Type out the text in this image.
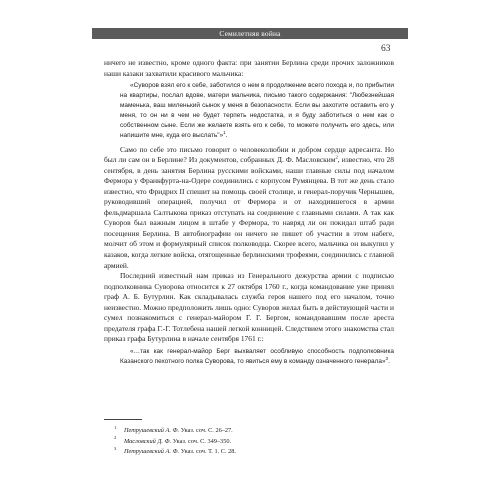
Семилетняя война
63

ничего не известно, кроме одного факта: при занятии Берлина среди прочих заложников наши казаки захватили красивого мальчика:

«Суворов взял его к себе, заботился о нем в продолжение всего похода и, по прибытии на квартиры, послал вдове, матери мальчика, письмо такого содержания: "Любезнейшая маменька, ваш миленький сынок у меня в безопасности. Если вы захотите оставить его у меня, то он ни в чем не будет терпеть недостатка, и я буду заботиться о нем как о собственном сыне. Если же желаете взять его к себе, то можете получить его здесь, или напишите мне, куда его выслать"»$^1$.

Само по себе это письмо говорит о человеколюбии и добром сердце адресанта. Но был ли сам он в Берлине? Из документов, собранных Д. Ф. Масловским$^2$, известно, что 28 сентября, в день занятия Берлина русскими войсками, наши главные силы под началом Фермора у Франкфурта-на-Одере соединились с корпусом Румянцева. В тот же день стало известно, что Фридрих II спешит на помощь своей столице, и генерал-поручик Чернышев, руководивший операцией, получил от Фермора и от находившегося в армии фельдмаршала Салтыкова приказ отступать на соединение с главными силами. А так как Суворов был важным лицом в штабе у Фермора, то навряд ли он покидал штаб ради посещения Берлина. В автобиографии он ничего не пишет об участии в этом набеге, молчит об этом и формулярный список полководца. Скорее всего, мальчика он выкупил у казаков, когда легкие войска, отягощенные берлинскими трофеями, соединились с главной армией.

Последний известный нам приказ из Генерального дежурства армии с подписью подполковника Суворова относится к 27 октября 1760 г., когда командование уже принял граф А. Б. Бутурлин. Как складывалась служба героя нашего под его началом, точно неизвестно. Можно предположить лишь одно: Суворов желал быть в действующей части и сумел познакомиться с генерал-майором Г. Г. Бергом, командовавшим после ареста предателя графа Г.-Г. Тотлебена нашей легкой конницей. Следствием этого знакомства стал приказ графа Бутурлина в начале сентября 1761 г.:

«…так как генерал-майор Берг выхваляет особливую способность подполковника Казанского пехотного полка Суворова, то явиться ему в команду означенного генерала»$^3$.

$^1$ Петрушевский А. Ф. Указ. соч. С. 26–27.

$^2$ Масловский Д. Ф. Указ. соч. С. 349–350.

$^3$ Петрушевский А. Ф. Указ. соч. Т. 1. С. 28.
